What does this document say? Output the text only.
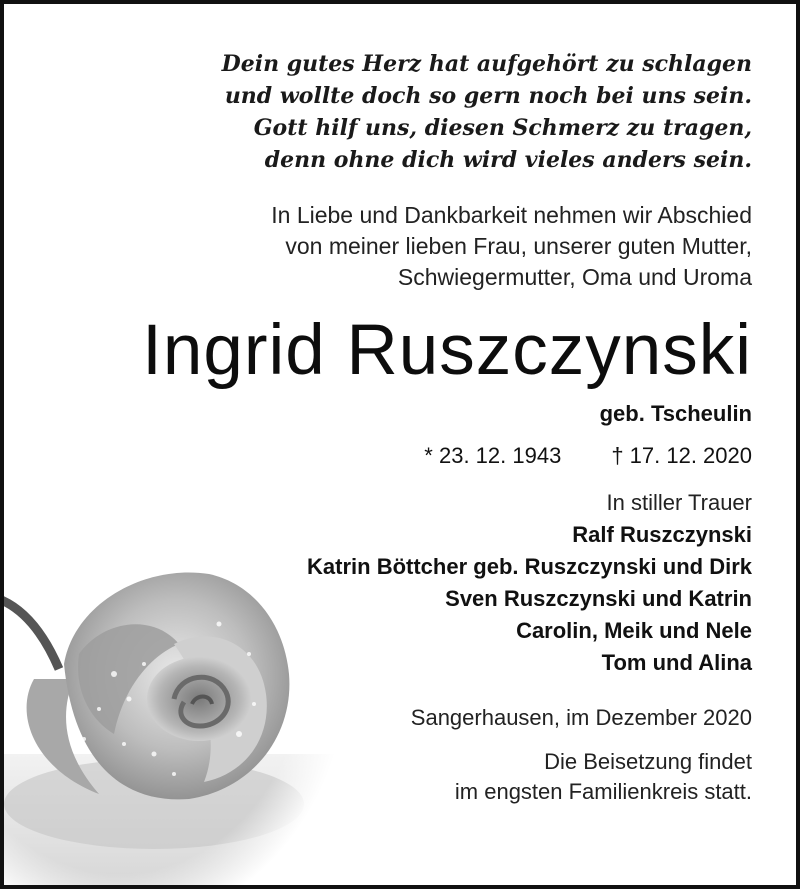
Dein gutes Herz hat aufgehört zu schlagen
und wollte doch so gern noch bei uns sein.
Gott hilf uns, diesen Schmerz zu tragen,
denn ohne dich wird vieles anders sein.
In Liebe und Dankbarkeit nehmen wir Abschied
von meiner lieben Frau, unserer guten Mutter,
Schwiegermutter, Oma und Uroma
Ingrid Ruszczynski
geb. Tscheulin
* 23. 12. 1943 † 17. 12. 2020
In stiller Trauer
Ralf Ruszczynski
Katrin Böttcher geb. Ruszczynski und Dirk
Sven Ruszczynski und Katrin
Carolin, Meik und Nele
Tom und Alina
Sangerhausen, im Dezember 2020
Die Beisetzung findet
im engsten Familienkreis statt.
